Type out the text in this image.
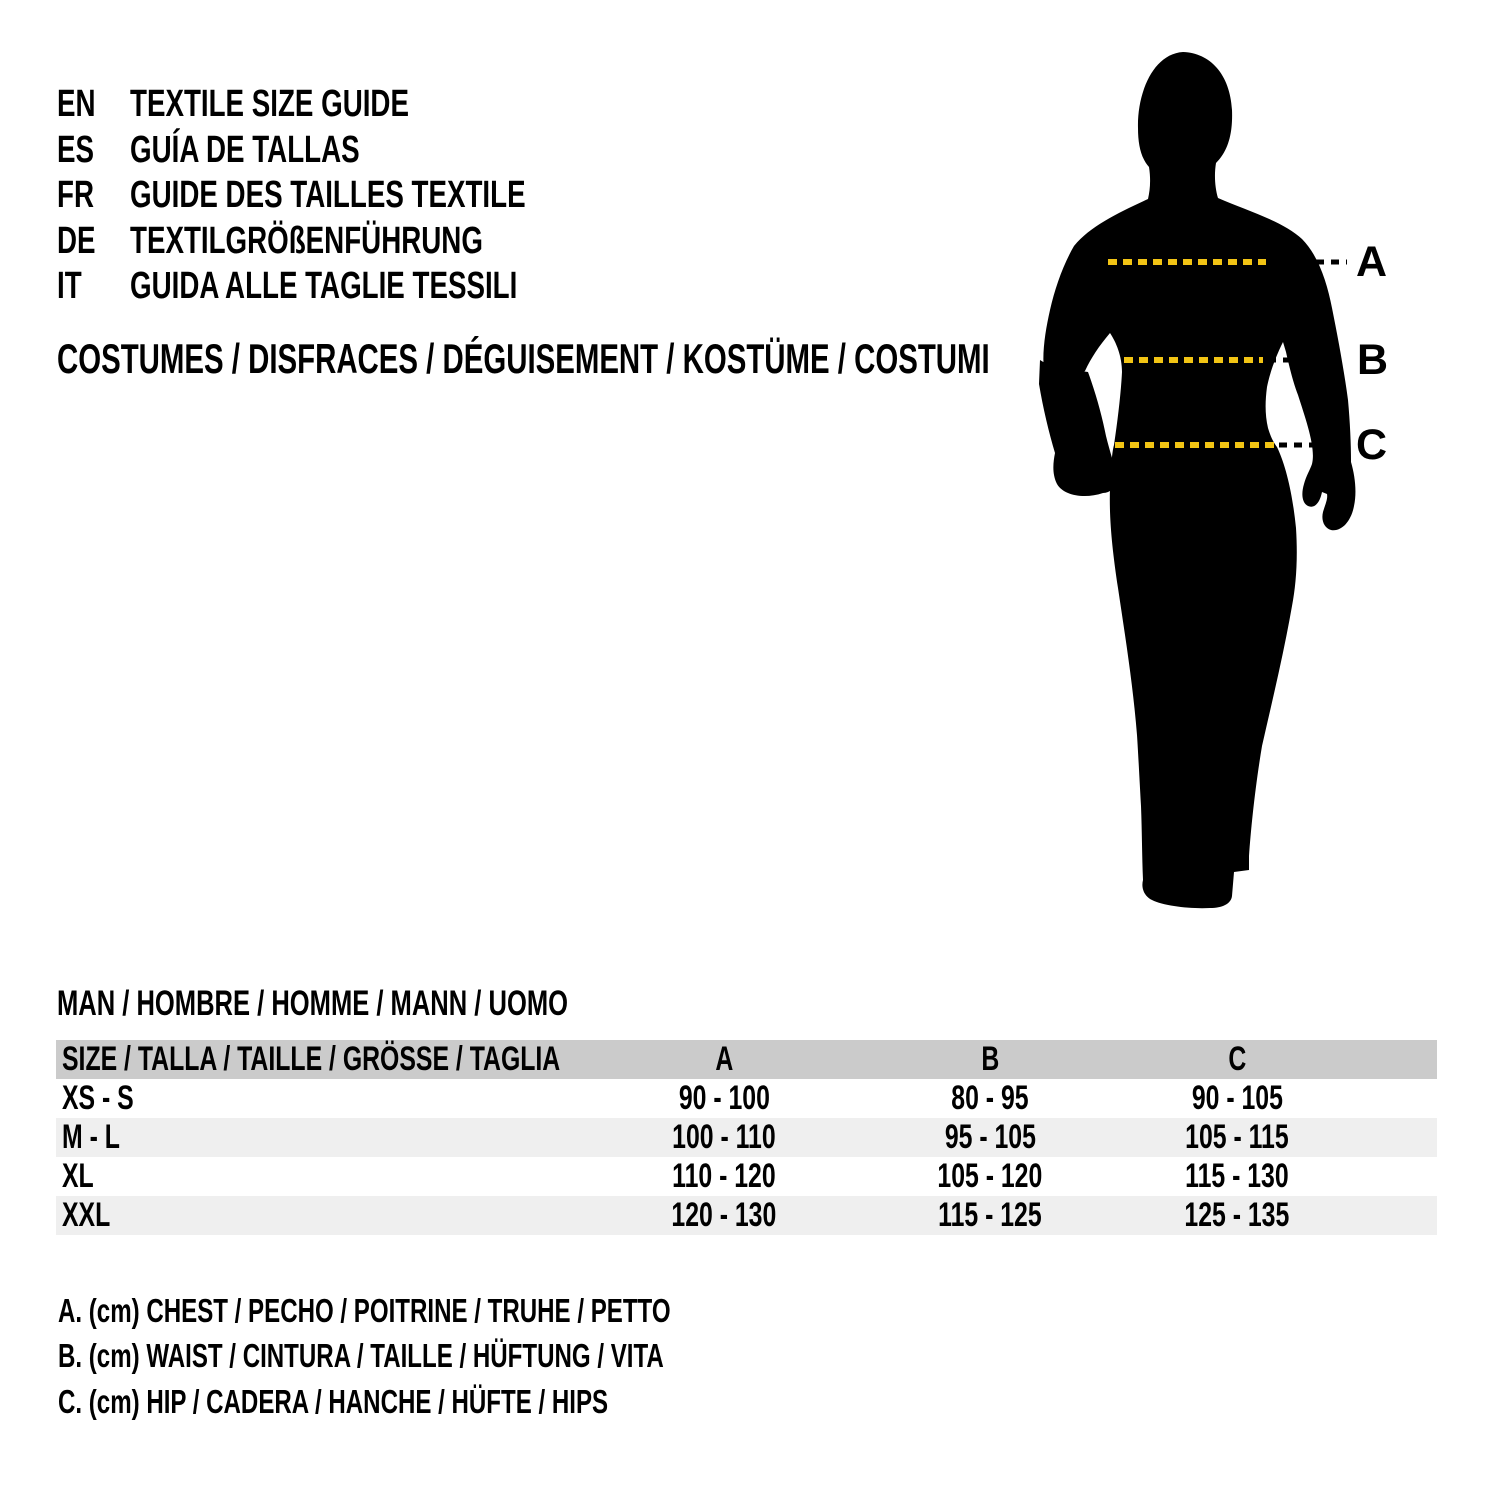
EN TEXTILE SIZE GUIDE
ES GUÍA DE TALLAS
FR GUIDE DES TAILLES TEXTILE
DE TEXTILGRÖßENFÜHRUNG
IT	GUIDA ALLE TAGLIE TESSILI
COSTUMES / DISFRACES / DÉGUISEMENT / KOSTÜME / COSTUMI
A
B
C
MAN / HOMBRE / HOMME / MANN / UOMO
SIZE / TALLA / TAILLE / GRÖSSE / TAGLIA	A	B	C	
XS - S	90 - 100	80 - 95	90 - 105	
M - L	100 - 110	95 - 105	105 - 115	
XL	110 - 120	105 - 120	115 - 130	
XXL	120 - 130	115 - 125	125 - 135	
A. (cm) CHEST / PECHO / POITRINE / TRUHE / PETTO
B. (cm) WAIST / CINTURA / TAILLE / HÜFTUNG / VITA
C. (cm) HIP / CADERA / HANCHE / HÜFTE / HIPS
